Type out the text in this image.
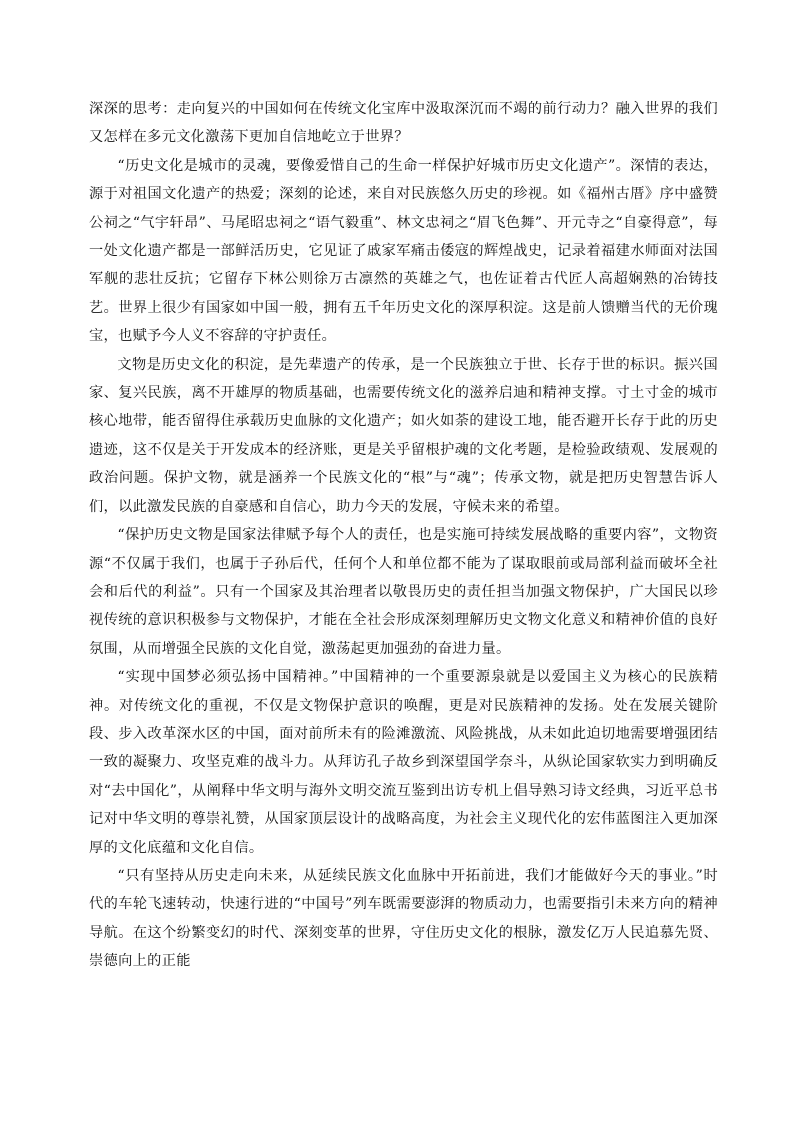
深深的思考：走向复兴的中国如何在传统文化宝库中汲取深沉而不竭的前行动力？融入世界的我们又怎样在多元文化激荡下更加自信地屹立于世界？

“历史文化是城市的灵魂，要像爱惜自己的生命一样保护好城市历史文化遗产”。深情的表达，源于对祖国文化遗产的热爱；深刻的论述，来自对民族悠久历史的珍视。如《福州古厝》序中盛赞公祠之“气宇轩昂”、马尾昭忠祠之“语气毅重”、林文忠祠之“眉飞色舞”、开元寺之“自豪得意”，每一处文化遗产都是一部鲜活历史，它见证了戚家军痛击倭寇的辉煌战史，记录着福建水师面对法国军舰的悲壮反抗；它留存下林公则徐万古凛然的英雄之气，也佐证着古代匠人高超娴熟的冶铸技艺。世界上很少有国家如中国一般，拥有五千年历史文化的深厚积淀。这是前人馈赠当代的无价瑰宝，也赋予今人义不容辞的守护责任。

文物是历史文化的积淀，是先辈遗产的传承，是一个民族独立于世、长存于世的标识。振兴国家、复兴民族，离不开雄厚的物质基础，也需要传统文化的滋养启迪和精神支撑。寸土寸金的城市核心地带，能否留得住承载历史血脉的文化遗产；如火如荼的建设工地，能否避开长存于此的历史遗迹，这不仅是关于开发成本的经济账，更是关乎留根护魂的文化考题，是检验政绩观、发展观的政治问题。保护文物，就是涵养一个民族文化的“根”与“魂”；传承文物，就是把历史智慧告诉人们，以此激发民族的自豪感和自信心，助力今天的发展，守候未来的希望。

“保护历史文物是国家法律赋予每个人的责任，也是实施可持续发展战略的重要内容”，文物资源“不仅属于我们，也属于子孙后代，任何个人和单位都不能为了谋取眼前或局部利益而破坏全社会和后代的利益”。只有一个国家及其治理者以敬畏历史的责任担当加强文物保护，广大国民以珍视传统的意识积极参与文物保护，才能在全社会形成深刻理解历史文物文化意义和精神价值的良好氛围，从而增强全民族的文化自觉，激荡起更加强劲的奋进力量。

“实现中国梦必须弘扬中国精神。”中国精神的一个重要源泉就是以爱国主义为核心的民族精神。对传统文化的重视，不仅是文物保护意识的唤醒，更是对民族精神的发扬。处在发展关键阶段、步入改革深水区的中国，面对前所未有的险滩激流、风险挑战，从未如此迫切地需要增强团结一致的凝聚力、攻坚克难的战斗力。从拜访孔子故乡到深望国学奈斗，从纵论国家软实力到明确反对“去中国化”，从阐释中华文明与海外文明交流互鉴到出访专机上倡导熟习诗文经典，习近平总书记对中华文明的尊崇礼赞，从国家顶层设计的战略高度，为社会主义现代化的宏伟蓝图注入更加深厚的文化底蕴和文化自信。

“只有坚持从历史走向未来，从延续民族文化血脉中开拓前进，我们才能做好今天的事业。”时代的车轮飞速转动，快速行进的“中国号”列车既需要澎湃的物质动力，也需要指引未来方向的精神导航。在这个纷繁变幻的时代、深刻变革的世界，守住历史文化的根脉，激发亿万人民追慕先贤、崇德向上的正能
